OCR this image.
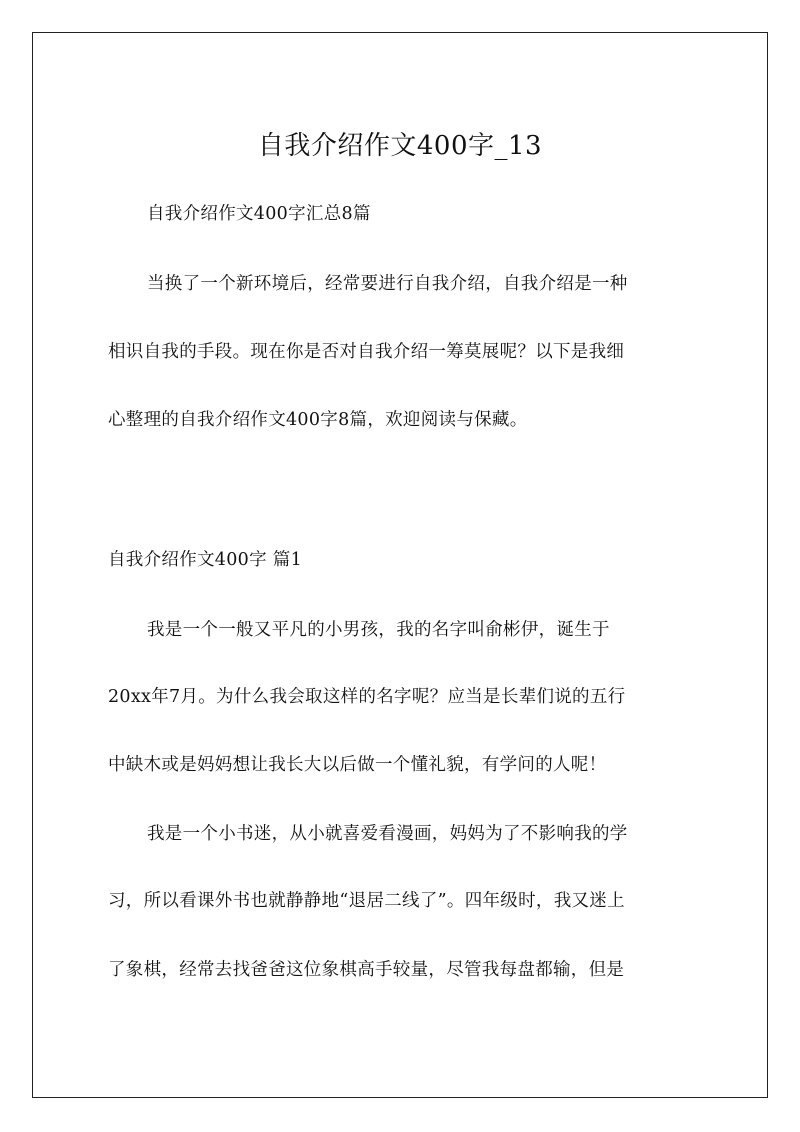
自我介绍作文400字_13

自我介绍作文400字汇总8篇

当换了一个新环境后，经常要进行自我介绍，自我介绍是一种

相识自我的手段。现在你是否对自我介绍一筹莫展呢？以下是我细

心整理的自我介绍作文400字8篇，欢迎阅读与保藏。

自我介绍作文400字 篇1

我是一个一般又平凡的小男孩，我的名字叫俞彬伊，诞生于

20xx年7月。为什么我会取这样的名字呢？应当是长辈们说的五行

中缺木或是妈妈想让我长大以后做一个懂礼貌，有学问的人呢！

我是一个小书迷，从小就喜爱看漫画，妈妈为了不影响我的学

习，所以看课外书也就静静地“退居二线了”。四年级时，我又迷上

了象棋，经常去找爸爸这位象棋高手较量，尽管我每盘都输，但是
